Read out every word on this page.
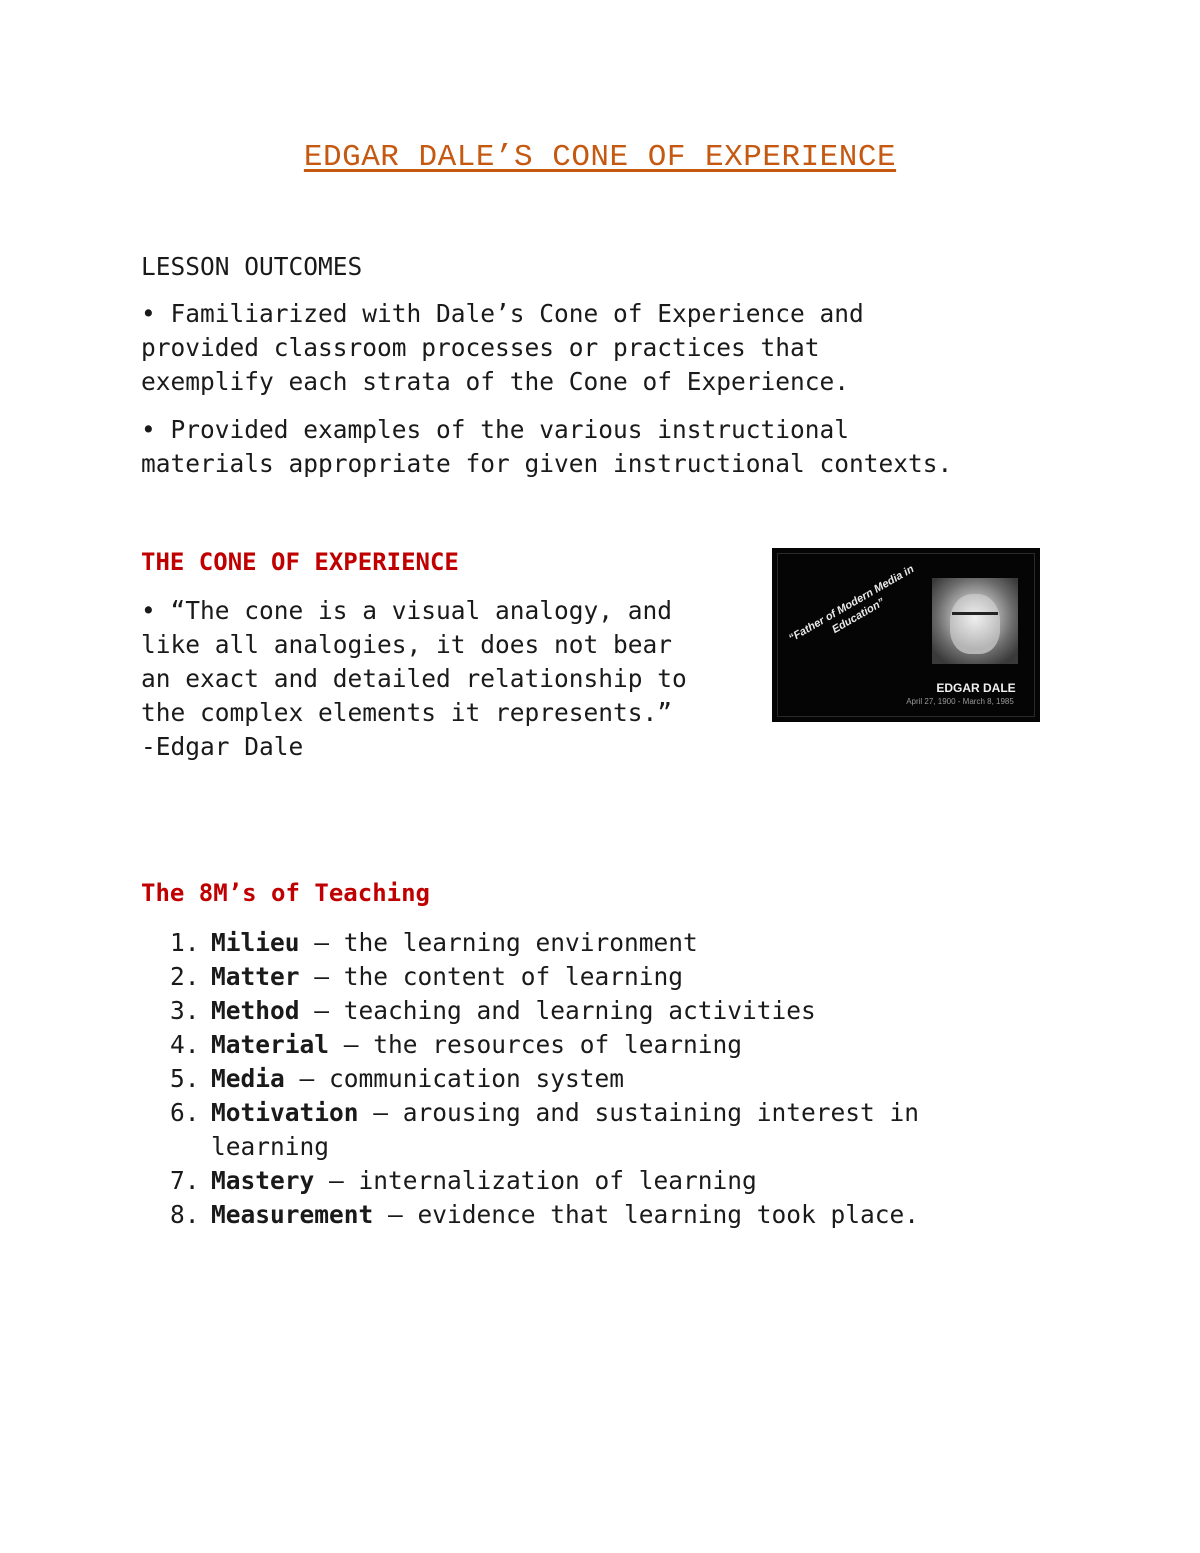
EDGAR DALE’S CONE OF EXPERIENCE

LESSON OUTCOMES

• Familiarized with Dale’s Cone of Experience and
provided classroom processes or practices that
exemplify each strata of the Cone of Experience.

• Provided examples of the various instructional
materials appropriate for given instructional contexts.

THE CONE OF EXPERIENCE

• “The cone is a visual analogy, and
like all analogies, it does not bear
an exact and detailed relationship to
the complex elements it represents.”
-Edgar Dale

“Father of Modern Media in Education”
EDGAR DALE
April 27, 1900 - March 8, 1985
The 8M’s of Teaching
1. Milieu – the learning environment
2. Matter – the content of learning
3. Method – teaching and learning activities
4. Material – the resources of learning
5. Media – communication system
6. Motivation – arousing and sustaining interest in
learning
7. Mastery – internalization of learning
8. Measurement – evidence that learning took place.
